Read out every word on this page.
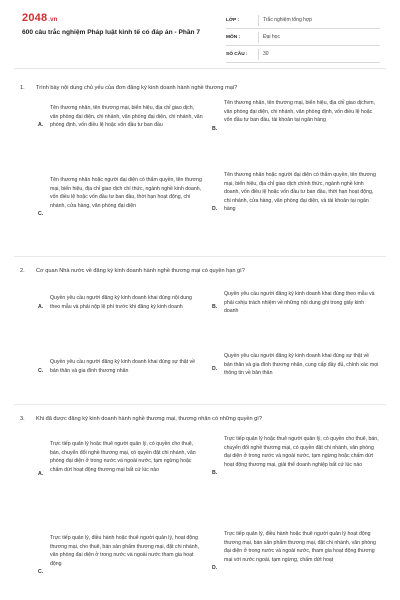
2048.vn
600 câu trắc nghiệm Pháp luật kinh tế có đáp án - Phần 7
LỚP :	Trắc nghiệm tổng hợp
MÔN :	Đại học
SỐ CÂU :	30
1.	Trình bày nội dung chủ yếu của đơn đăng ký kinh doanh hành nghề thương mại?
A.
Tên thương nhân, tên thương mại, biển hiệu, địa chỉ giao dịch, văn phòng đại diện, chi nhánh, văn phòng đại diện, chi nhánh, văn phòng định, vốn điều lệ hoặc vốn đầu tư ban đầu
B.
Tên thương nhân, tên thương mại, biển hiệu, địa chỉ giao dịchvm, văn phòng đại diện, chi nhánh, văn phòng định, vốn điều lệ hoặc vốn đầu tư ban đầu, tài khoản tại ngân hàng
C.
Tên thương nhân hoặc người đại diện có thẩm quyền, tên thương mại, biển hiệu, địa chỉ giao dịch chí thức, ngành nghề kinh doanh, vốn điều lệ hoặc vốn đầu tư ban đầu, thời hạn hoạt động, chi nhánh, cửa hàng, văn phòng đại diện
D.
Tên thương nhân hoặc người đại diện có thẩm quyền, tên thương mại, biển hiệu, địa chỉ giao dịch chính thức, ngành nghề kinh doanh, vốn điều lệ hoặc vốn đầu tư ban đầu, thời hạn hoạt động, chi nhánh, cửa hàng, văn phòng đại diện, và tài khoản tại ngân hàng
2.	Cơ quan Nhà nước về đăng ký kinh doanh hành nghề thương mại có quyền hạn gì?
A.
Quyền yêu cầu người đăng ký kinh doanh khai đúng nội dung theo mẫu và phải nộp lệ phí trước khi đăng ký kinh doanh	B.
Quyền yêu cầu người đăng ký kinh doanh khai đúng theo mẫu và phải cxhịu trách nhiệm về những nội dung ghi trong giấy kinh doanh
C.
Quyền yêu cầu người đăng ký kinh doanh khai đúng sự thật về bản thân và gia đình thương nhân	D.
Quyền yêu cầu người đăng ký kinh doanh khai đúng sự thật về bản thân và gia đình thương nhân, cung cấp đầy đủ, chính xác mọi thông tin về bản thân
3.	Khi đã được đăng ký kinh doanh hành nghề thương mại, thương nhân có những quyền gì?
A.
Trực tiếp quản lý hoặc thuê người quản lý, có quyền cho thuê, bán, chuyển đổi nghề thương mại, có quyền đặt chi nhánh, văn phòng đại diện ở trong nước và ngoài nước, tạm ngừng hoặc chấm dứt hoạt động thương mại bất cứ lúc nào
B.
Trực tiếp quản lý hoặc thuê người quản lý, có quyền cho thuê, bán, chuyển đổi nghề thương mại, có quyền đặt chi nhánh, văn phòng đại diện ở trong nước và ngoài nước, tạm ngừng hoặc chấm dứt hoạt động thương mại, giải thể doanh nghiệp bất cứ lúc nào
C.
Trực tiếp quản lý, điều hành hoặc thuê người quản lý, hoạt động thương mại, cho thuê, bán sản phẩm thương mại, đặt chi nhánh, văn phòng đại diện ở trong nước và ngoài nước tham gia hoạt động
D.
Trực tiếp quản lý, điều hành hoặc thuê người quản lý hoạt động thương mại, bán sản phẩm thương mại, đặt chi nhánh, văn phòng đại diện ở trong nước và ngoài nước, tham gia hoạt động thương mại với nước ngoài, tạm ngừng, chấm dứt hoạt
